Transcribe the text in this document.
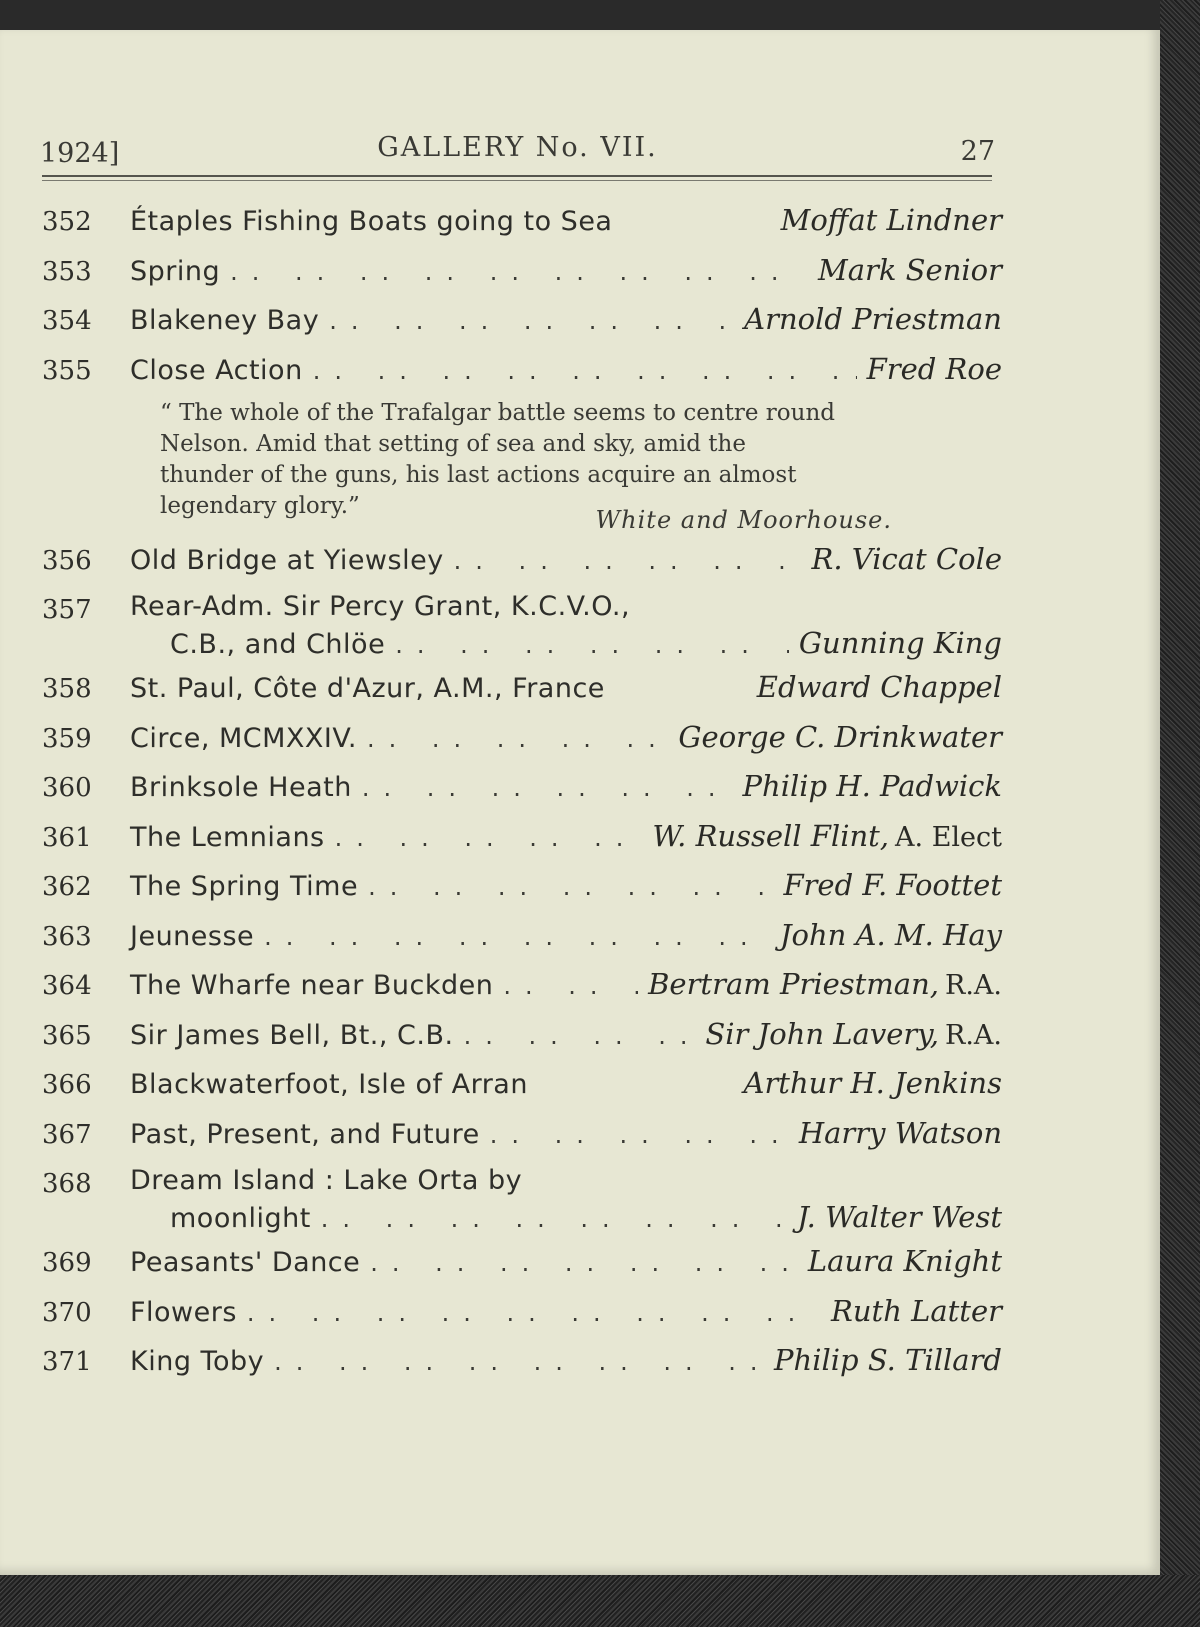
1924]	GALLERY No. VII.	27
352	Étaples Fishing Boats going to Sea	Moffat Lindner
353	Spring .. ..	Mark Senior
354	Blakeney Bay .. ..	Arnold Priestman
355	Close Action .. ..	Fred Roe
“ The whole of the Trafalgar battle seems to centre round Nelson. Amid that setting of sea and sky, amid the thunder of the guns, his last actions acquire an almost legendary glory.”	White and Moorhouse.
356	Old Bridge at Yiewsley .. ..	R. Vicat Cole
357	Rear-Adm. Sir Percy Grant, K.C.V.O.,
C.B., and Chlöe .. ..	Gunning King
358	St. Paul, Côte d'Azur, A.M., France	Edward Chappel
359	Circe, MCMXXIV. .. ..	George C. Drinkwater
360	Brinksole Heath .. ..	Philip H. Padwick
361	The Lemnians .. ..	W. Russell Flint, A. Elect
362	The Spring Time .. ..	Fred F. Foottet
363	Jeunesse .. ..	John A. M. Hay
364	The Wharfe near Buckden .. ..	Bertram Priestman, R.A.
365	Sir James Bell, Bt., C.B. .. ..	Sir John Lavery, R.A.
366	Blackwaterfoot, Isle of Arran	Arthur H. Jenkins
367	Past, Present, and Future .. ..	Harry Watson
368	Dream Island : Lake Orta by
moonlight .. ..	J. Walter West
369	Peasants' Dance .. ..	Laura Knight
370	Flowers .. ..	Ruth Latter
371	King Toby .. ..	Philip S. Tillard
